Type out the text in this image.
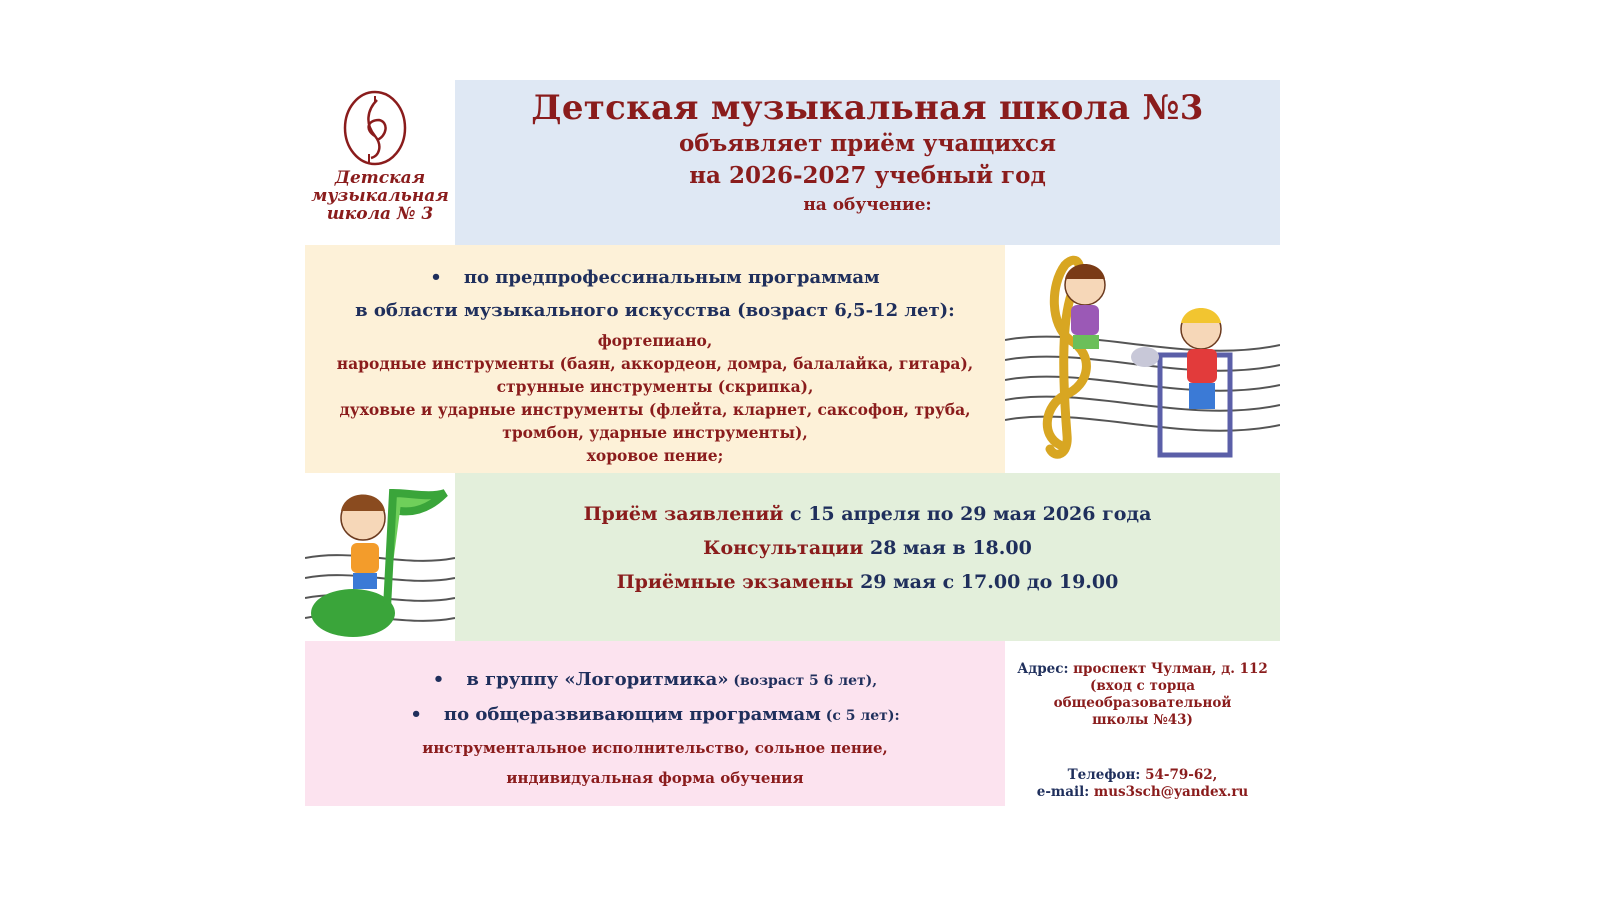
Детская
музыкальная
школа № 3
Детская музыкальная школа №3
объявляет приём учащихся
на 2026-2027 учебный год
на обучение:
• по предпрофессинальным программам
в области музыкального искусства (возраст 6,5-12 лет):
фортепиано,
народные инструменты (баян, аккордеон, домра, балалайка, гитара),
струнные инструменты (скрипка),
духовые и ударные инструменты (флейта, кларнет, саксофон, труба,
тромбон, ударные инструменты),
хоровое пение;
Приём заявлений с 15 апреля по 29 мая 2026 года
Консультации 28 мая в 18.00
Приёмные экзамены 29 мая с 17.00 до 19.00
• в группу «Логоритмика» (возраст 5 6 лет),
• по общеразвивающим программам (с 5 лет):
инструментальное исполнительство, сольное пение,
индивидуальная форма обучения
Адрес: проспект Чулман, д. 112
(вход с торца общеобразовательной
школы №43)
Телефон: 54-79-62,
e-mail: mus3sch@yandex.ru
